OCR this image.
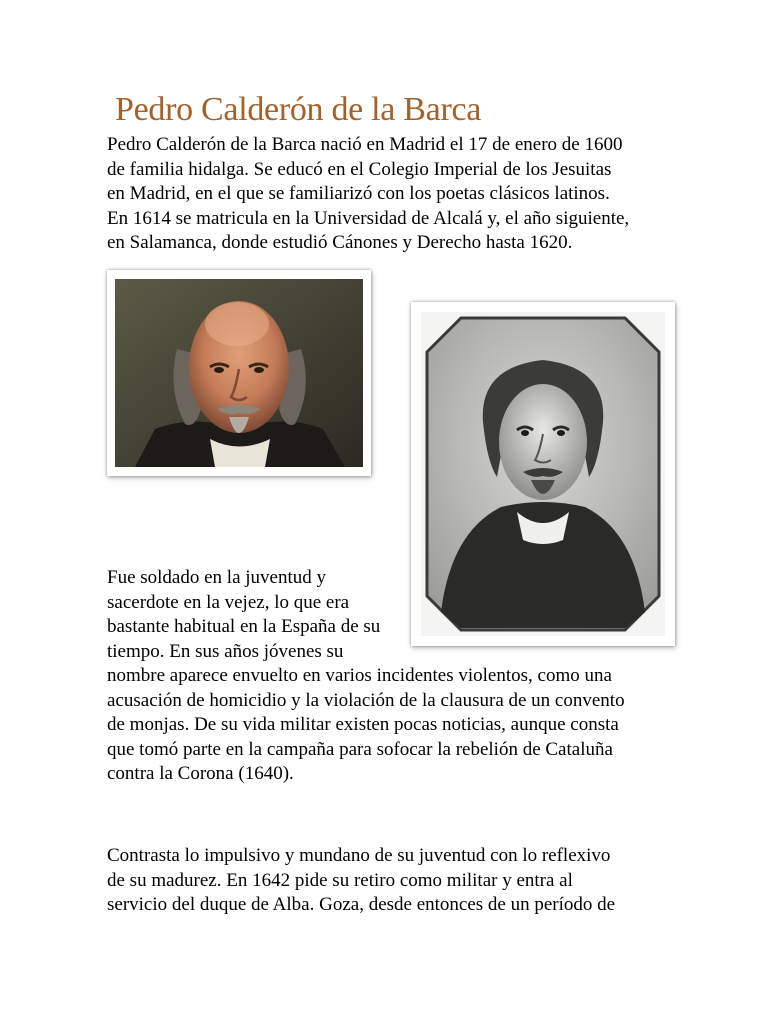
Pedro Calderón de la Barca

Pedro Calderón de la Barca nació en Madrid el 17 de enero de 1600
de familia hidalga. Se educó en el Colegio Imperial de los Jesuitas
en Madrid, en el que se familiarizó con los poetas clásicos latinos.
En 1614 se matricula en la Universidad de Alcalá y, el año siguiente,
en Salamanca, donde estudió Cánones y Derecho hasta 1620.

Fue soldado en la juventud y
sacerdote en la vejez, lo que era
bastante habitual en la España de su
tiempo. En sus años jóvenes su

nombre aparece envuelto en varios incidentes violentos, como una
acusación de homicidio y la violación de la clausura de un convento
de monjas. De su vida militar existen pocas noticias, aunque consta
que tomó parte en la campaña para sofocar la rebelión de Cataluña
contra la Corona (1640).

Contrasta lo impulsivo y mundano de su juventud con lo reflexivo
de su madurez. En 1642 pide su retiro como militar y entra al
servicio del duque de Alba. Goza, desde entonces de un período de
